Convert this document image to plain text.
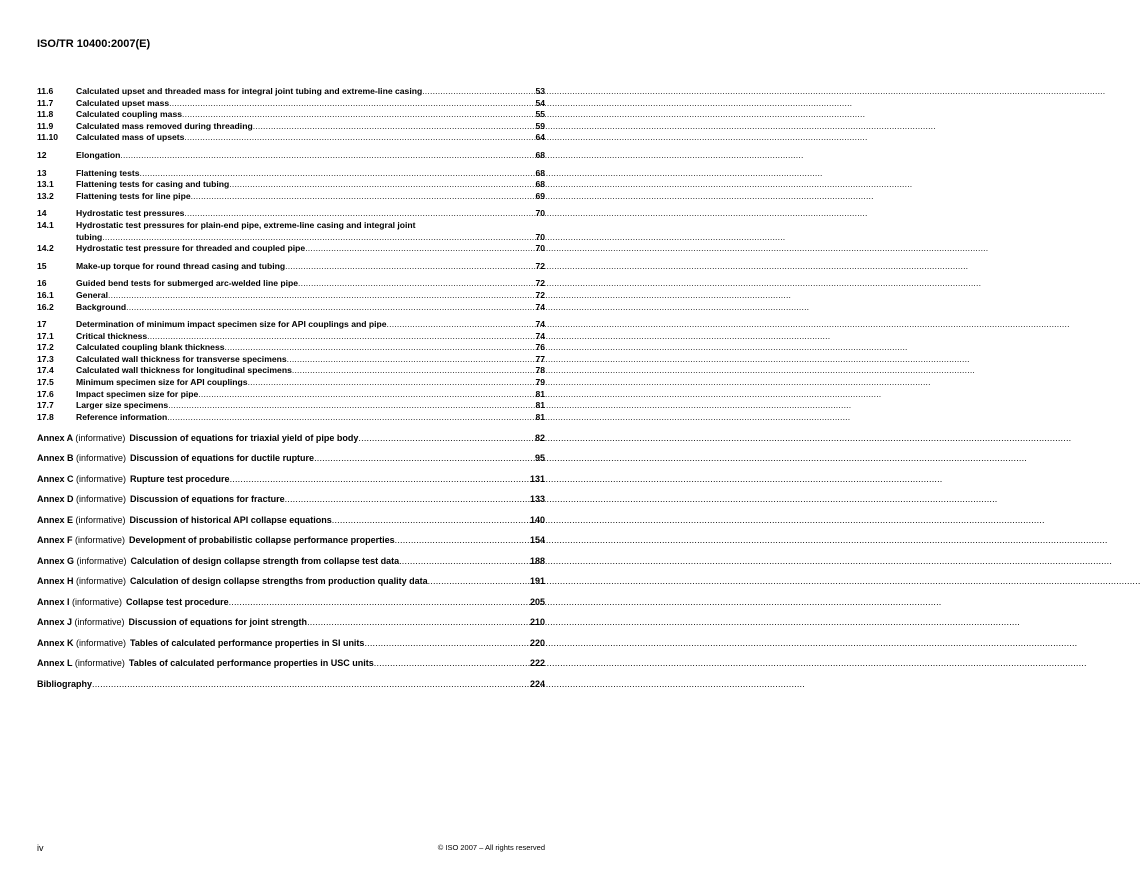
ISO/TR 10400:2007(E)
11.6	Calculated upset and threaded mass for integral joint tubing and extreme-line casing .....	53
11.7	Calculated upset mass .....	54
11.8	Calculated coupling mass .....	55
11.9	Calculated mass removed during threading .....	59
11.10	Calculated mass of upsets .....	64
12	Elongation .....	68
13	Flattening tests .....	68
13.1	Flattening tests for casing and tubing .....	68
13.2	Flattening tests for line pipe .....	69
14	Hydrostatic test pressures .....	70
14.1	Hydrostatic test pressures for plain-end pipe, extreme-line casing and integral joint
tubing .....	70
14.2	Hydrostatic test pressure for threaded and coupled pipe .....	70
15	Make-up torque for round thread casing and tubing .....	72
16	Guided bend tests for submerged arc-welded line pipe .....	72
16.1	General .....	72
16.2	Background .....	74
17	Determination of minimum impact specimen size for API couplings and pipe .....	74
17.1	Critical thickness .....	74
17.2	Calculated coupling blank thickness .....	76
17.3	Calculated wall thickness for transverse specimens .....	77
17.4	Calculated wall thickness for longitudinal specimens .....	78
17.5	Minimum specimen size for API couplings .....	79
17.6	Impact specimen size for pipe .....	81
17.7	Larger size specimens .....	81
17.8	Reference information .....	81
Annex A (informative) Discussion of equations for triaxial yield of pipe body .....	82
Annex B (informative) Discussion of equations for ductile rupture .....	95
Annex C (informative) Rupture test procedure .....	131
Annex D (informative) Discussion of equations for fracture .....	133
Annex E (informative) Discussion of historical API collapse equations .....	140
Annex F (informative) Development of probabilistic collapse performance properties .....	154
Annex G (informative) Calculation of design collapse strength from collapse test data .....	188
Annex H (informative) Calculation of design collapse strengths from production quality data .....	191
Annex I (informative) Collapse test procedure .....	205
Annex J (informative) Discussion of equations for joint strength .....	210
Annex K (informative) Tables of calculated performance properties in SI units .....	220
Annex L (informative) Tables of calculated performance properties in USC units .....	222
Bibliography .....	224
iv	© ISO 2007 – All rights reserved
